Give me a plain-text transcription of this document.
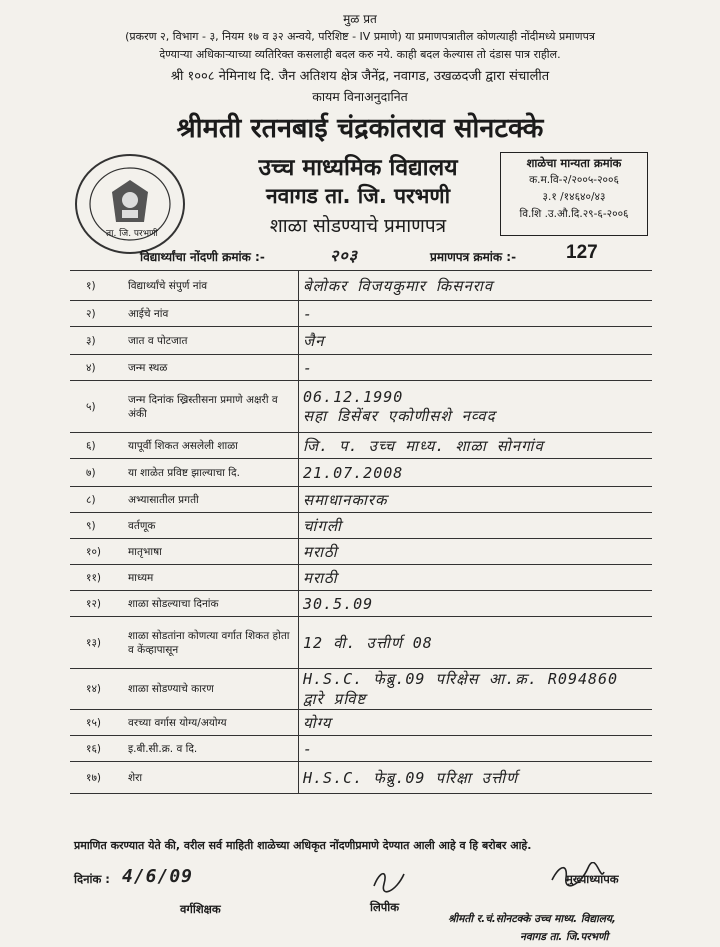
मुळ प्रत
(प्रकरण २, विभाग - ३, नियम १७ व ३२ अन्वये, परिशिष्ट - IV प्रमाणे) या प्रमाणपत्रातील कोणत्याही नोंदीमध्ये प्रमाणपत्र
देण्याऱ्या अधिकाऱ्याच्या व्यतिरिक्त कसलाही बदल करु नये. काही बदल केल्यास तो दंडास पात्र राहील.
श्री १००८ नेमिनाथ दि. जैन अतिशय क्षेत्र जैनेंद्र, नवागड, उखळदजी द्वारा संचालीत
कायम विनाअनुदानित
श्रीमती रतनबाई चंद्रकांतराव सोनटक्के
ता. जि. परभणी
उच्च माध्यमिक विद्यालय
नवागड ता. जि. परभणी
शाळा सोडण्याचे प्रमाणपत्र
शाळेचा मान्यता क्रमांक
क.म.वि-२/२००५-२००६
३.१ /१४६४०/४३
वि.शि .उ.औ.दि.२९-६-२००६
विद्यार्थ्यांचा नोंदणी क्रमांक :-	२०३	प्रमाणपत्र क्रमांक :-	127
१)	विद्यार्थ्यांचे संपुर्ण नांव	बेलोकर विजयकुमार किसनराव

२)	आईचे नांव	-

३)	जात व पोटजात	जैन

४)	जन्म स्थळ	-

५)	जन्म दिनांक ख्रिस्तीसना प्रमाणे अक्षरी व अंकी	06.12.1990
सहा डिसेंबर एकोणीसशे नव्वद

६)	यापूर्वी शिकत असलेली शाळा	जि. प. उच्च माध्य. शाळा सोनगांव

७)	या शाळेत प्रविष्ट झाल्याचा दि.	21.07.2008

८)	अभ्यासातील प्रगती	समाधानकारक

९)	वर्तणूक	चांगली

१०)	मातृभाषा	मराठी

११)	माध्यम	मराठी

१२)	शाळा सोडल्याचा दिनांक	30.5.09

१३)	शाळा सोडतांना कोणत्या वर्गात शिकत होता व केंव्हापासून	12 वी. उत्तीर्ण 08

१४)	शाळा सोडण्याचे कारण	H.S.C. फेब्रु.09 परिक्षेस आ.क्र. R094860 द्वारे प्रविष्ट

१५)	वरच्या वर्गास योग्य/अयोग्य	योग्य

१६)	इ.बी.सी.क्र. व दि.	-

१७)	शेरा	H.S.C. फेब्रु.09 परिक्षा उत्तीर्ण
प्रमाणित करण्यात येते की, वरील सर्व माहिती शाळेच्या अधिकृत नोंदणीप्रमाणे देण्यात आली आहे व हि बरोबर आहे.
दिनांक : 4/6/09
वर्गशिक्षक	लिपीक
मुख्याध्यापक
श्रीमती र.चं.सोनटक्के उच्च माध्य. विद्यालय,
नवागड ता. जि.परभणी
